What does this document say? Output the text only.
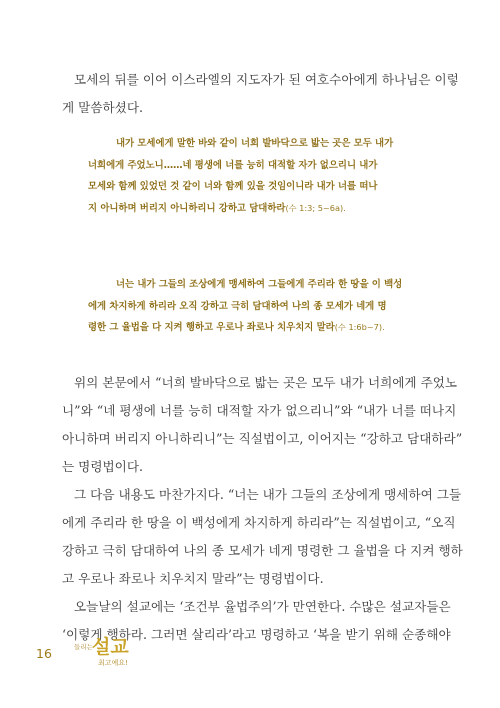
모세의 뒤를 이어 이스라엘의 지도자가 된 여호수아에게 하나님은 이렇
게 말씀하셨다.

내가 모세에게 말한 바와 같이 너희 발바닥으로 밟는 곳은 모두 내가
너희에게 주었노니……네 평생에 너를 능히 대적할 자가 없으리니 내가
모세와 함께 있었던 것 같이 너와 함께 있을 것임이니라 내가 너를 떠나
지 아니하며 버리지 아니하리니 강하고 담대하라(수 1:3; 5~6a).
너는 내가 그들의 조상에게 맹세하여 그들에게 주리라 한 땅을 이 백성
에게 차지하게 하리라 오직 강하고 극히 담대하여 나의 종 모세가 네게 명
령한 그 율법을 다 지켜 행하고 우로나 좌로나 치우치지 말라(수 1:6b~7).

위의 본문에서 “너희 발바닥으로 밟는 곳은 모두 내가 너희에게 주었노
니”와 “네 평생에 너를 능히 대적할 자가 없으리니”와 “내가 너를 떠나지
아니하며 버리지 아니하리니”는 직설법이고, 이어지는 “강하고 담대하라”
는 명령법이다.

그 다음 내용도 마찬가지다. “너는 내가 그들의 조상에게 맹세하여 그들
에게 주리라 한 땅을 이 백성에게 차지하게 하리라”는 직설법이고, “오직
강하고 극히 담대하여 나의 종 모세가 네게 명령한 그 율법을 다 지켜 행하
고 우로나 좌로나 치우치지 말라”는 명령법이다.

오늘날의 설교에는 ‘조건부 율법주의’가 만연한다. 수많은 설교자들은
‘이렇게 행하라. 그러면 살리라’라고 명령하고 ‘복을 받기 위해 순종해야

16	들리는 설교
최고예요!
